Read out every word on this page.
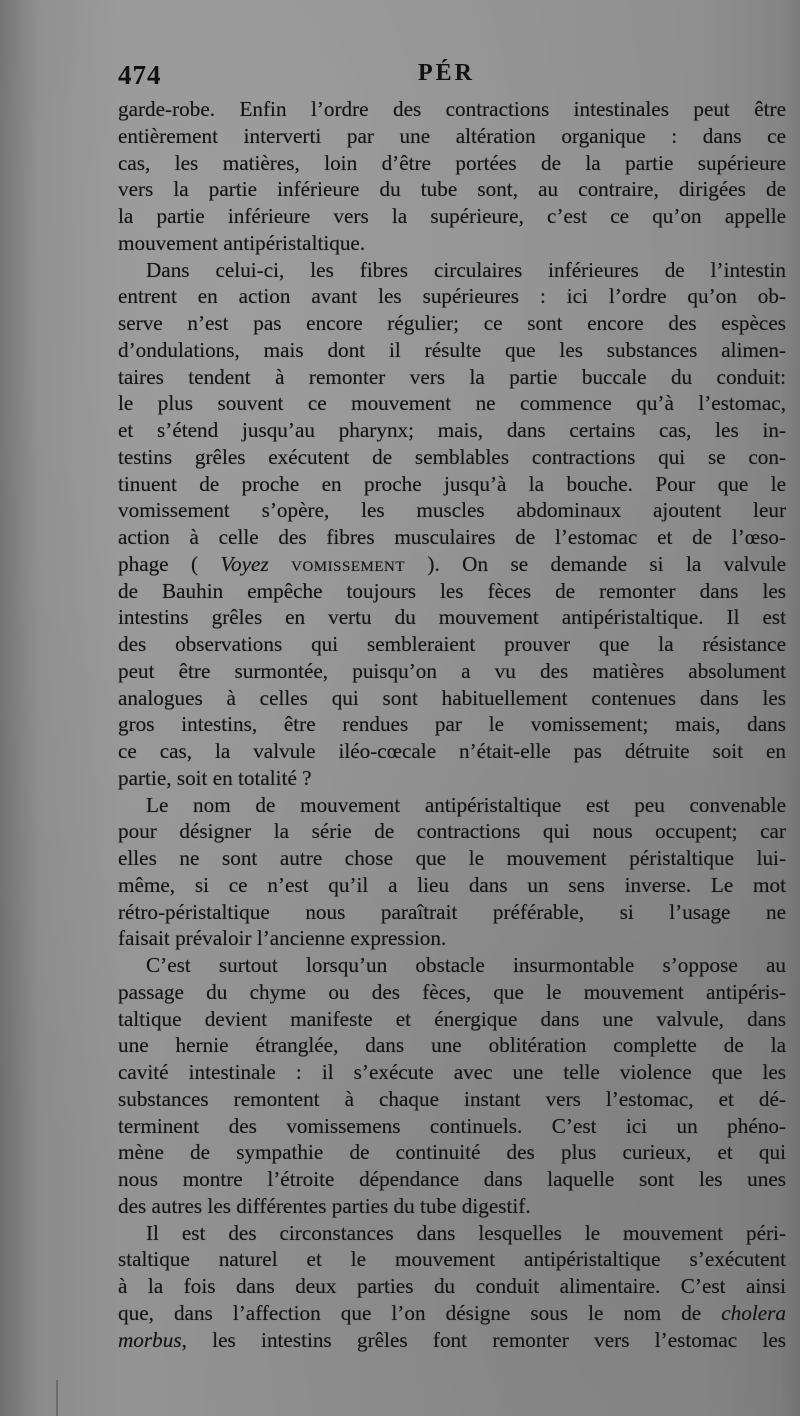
474	PÉR
garde-robe. Enfin l’ordre des contractions intestinales peut être
entièrement interverti par une altération organique : dans ce
cas, les matières, loin d’être portées de la partie supérieure
vers la partie inférieure du tube sont, au contraire, dirigées de
la partie inférieure vers la supérieure, c’est ce qu’on appelle
mouvement antipéristaltique.
Dans celui-ci, les fibres circulaires inférieures de l’intestin
entrent en action avant les supérieures : ici l’ordre qu’on ob-
serve n’est pas encore régulier; ce sont encore des espèces
d’ondulations, mais dont il résulte que les substances alimen-
taires tendent à remonter vers la partie buccale du conduit:
le plus souvent ce mouvement ne commence qu’à l’estomac,
et s’étend jusqu’au pharynx; mais, dans certains cas, les in-
testins grêles exécutent de semblables contractions qui se con-
tinuent de proche en proche jusqu’à la bouche. Pour que le
vomissement s’opère, les muscles abdominaux ajoutent leur
action à celle des fibres musculaires de l’estomac et de l’œso-
phage ( Voyez vomissement ). On se demande si la valvule
de Bauhin empêche toujours les fèces de remonter dans les
intestins grêles en vertu du mouvement antipéristaltique. Il est
des observations qui sembleraient prouver que la résistance
peut être surmontée, puisqu’on a vu des matières absolument
analogues à celles qui sont habituellement contenues dans les
gros intestins, être rendues par le vomissement; mais, dans
ce cas, la valvule iléo-cœcale n’était-elle pas détruite soit en
partie, soit en totalité ?
Le nom de mouvement antipéristaltique est peu convenable
pour désigner la série de contractions qui nous occupent; car
elles ne sont autre chose que le mouvement péristaltique lui-
même, si ce n’est qu’il a lieu dans un sens inverse. Le mot
rétro-péristaltique nous paraîtrait préférable, si l’usage ne
faisait prévaloir l’ancienne expression.
C’est surtout lorsqu’un obstacle insurmontable s’oppose au
passage du chyme ou des fèces, que le mouvement antipéris-
taltique devient manifeste et énergique dans une valvule, dans
une hernie étranglée, dans une oblitération complette de la
cavité intestinale : il s’exécute avec une telle violence que les
substances remontent à chaque instant vers l’estomac, et dé-
terminent des vomissemens continuels. C’est ici un phéno-
mène de sympathie de continuité des plus curieux, et qui
nous montre l’étroite dépendance dans laquelle sont les unes
des autres les différentes parties du tube digestif.
Il est des circonstances dans lesquelles le mouvement péri-
staltique naturel et le mouvement antipéristaltique s’exécutent
à la fois dans deux parties du conduit alimentaire. C’est ainsi
que, dans l’affection que l’on désigne sous le nom de cholera
morbus, les intestins grêles font remonter vers l’estomac les
